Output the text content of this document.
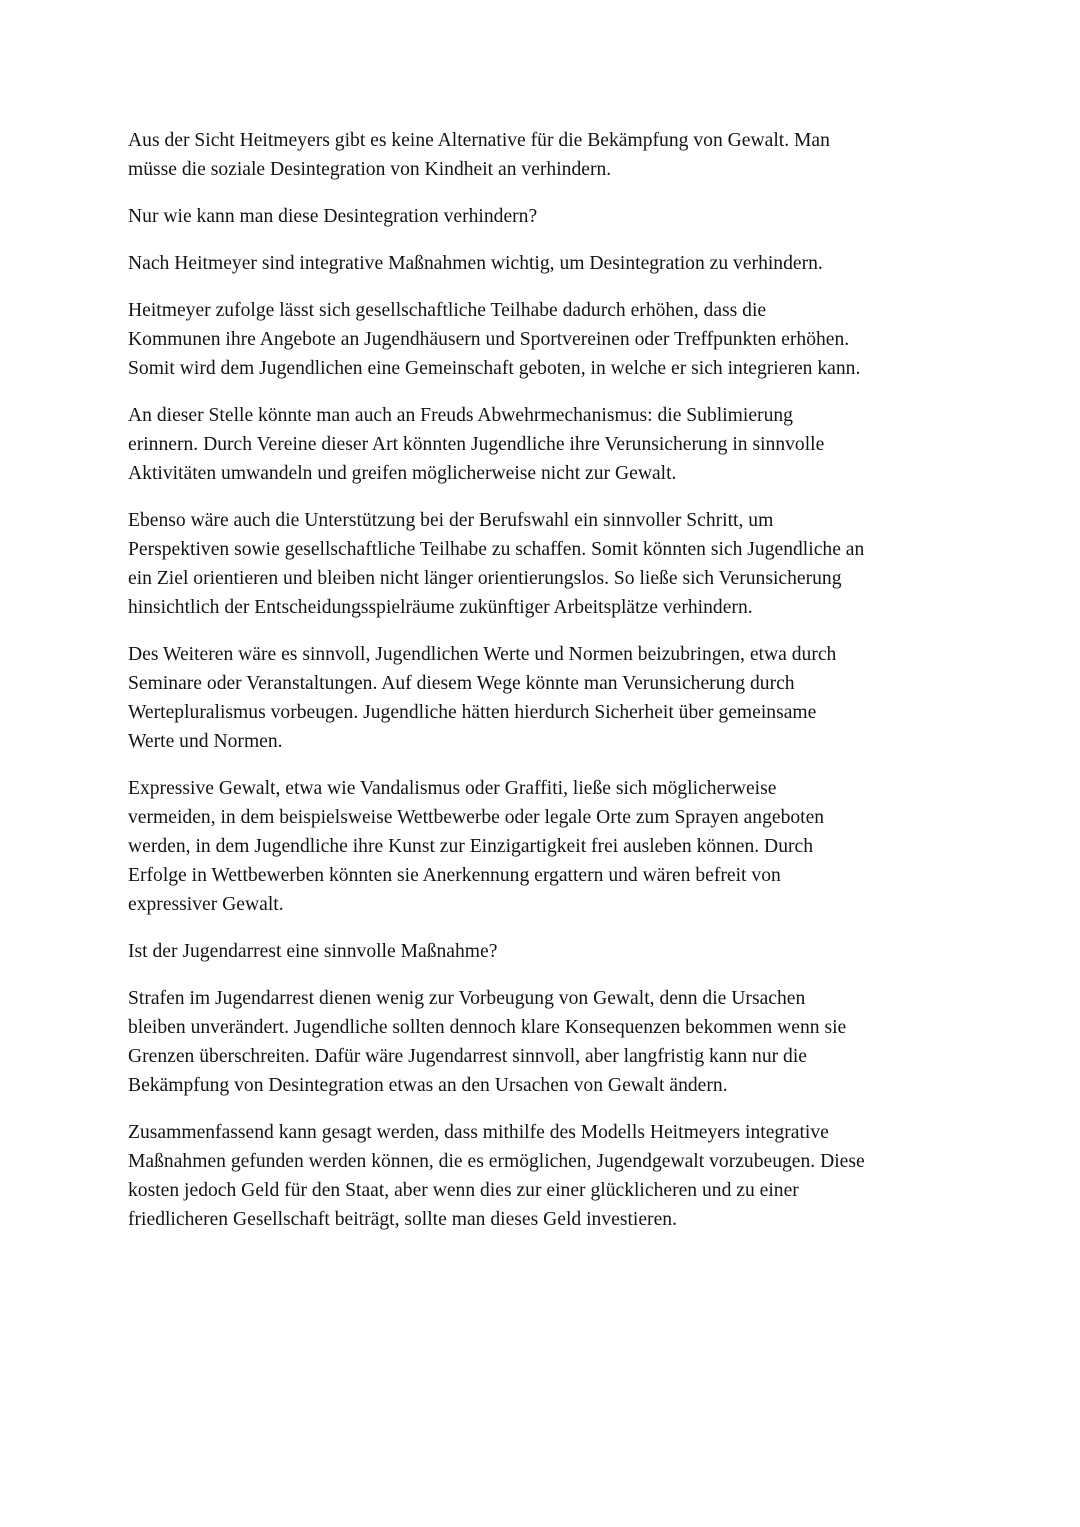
Aus der Sicht Heitmeyers gibt es keine Alternative für die Bekämpfung von Gewalt. Man
müsse die soziale Desintegration von Kindheit an verhindern.

Nur wie kann man diese Desintegration verhindern?

Nach Heitmeyer sind integrative Maßnahmen wichtig, um Desintegration zu verhindern.

Heitmeyer zufolge lässt sich gesellschaftliche Teilhabe dadurch erhöhen, dass die
Kommunen ihre Angebote an Jugendhäusern und Sportvereinen oder Treffpunkten erhöhen.
Somit wird dem Jugendlichen eine Gemeinschaft geboten, in welche er sich integrieren kann.

An dieser Stelle könnte man auch an Freuds Abwehrmechanismus: die Sublimierung
erinnern. Durch Vereine dieser Art könnten Jugendliche ihre Verunsicherung in sinnvolle
Aktivitäten umwandeln und greifen möglicherweise nicht zur Gewalt.

Ebenso wäre auch die Unterstützung bei der Berufswahl ein sinnvoller Schritt, um
Perspektiven sowie gesellschaftliche Teilhabe zu schaffen. Somit könnten sich Jugendliche an
ein Ziel orientieren und bleiben nicht länger orientierungslos. So ließe sich Verunsicherung
hinsichtlich der Entscheidungsspielräume zukünftiger Arbeitsplätze verhindern.

Des Weiteren wäre es sinnvoll, Jugendlichen Werte und Normen beizubringen, etwa durch
Seminare oder Veranstaltungen. Auf diesem Wege könnte man Verunsicherung durch
Wertepluralismus vorbeugen. Jugendliche hätten hierdurch Sicherheit über gemeinsame
Werte und Normen.

Expressive Gewalt, etwa wie Vandalismus oder Graffiti, ließe sich möglicherweise
vermeiden, in dem beispielsweise Wettbewerbe oder legale Orte zum Sprayen angeboten
werden, in dem Jugendliche ihre Kunst zur Einzigartigkeit frei ausleben können. Durch
Erfolge in Wettbewerben könnten sie Anerkennung ergattern und wären befreit von
expressiver Gewalt.

Ist der Jugendarrest eine sinnvolle Maßnahme?

Strafen im Jugendarrest dienen wenig zur Vorbeugung von Gewalt, denn die Ursachen
bleiben unverändert. Jugendliche sollten dennoch klare Konsequenzen bekommen wenn sie
Grenzen überschreiten. Dafür wäre Jugendarrest sinnvoll, aber langfristig kann nur die
Bekämpfung von Desintegration etwas an den Ursachen von Gewalt ändern.

Zusammenfassend kann gesagt werden, dass mithilfe des Modells Heitmeyers integrative
Maßnahmen gefunden werden können, die es ermöglichen, Jugendgewalt vorzubeugen. Diese
kosten jedoch Geld für den Staat, aber wenn dies zur einer glücklicheren und zu einer
friedlicheren Gesellschaft beiträgt, sollte man dieses Geld investieren.
